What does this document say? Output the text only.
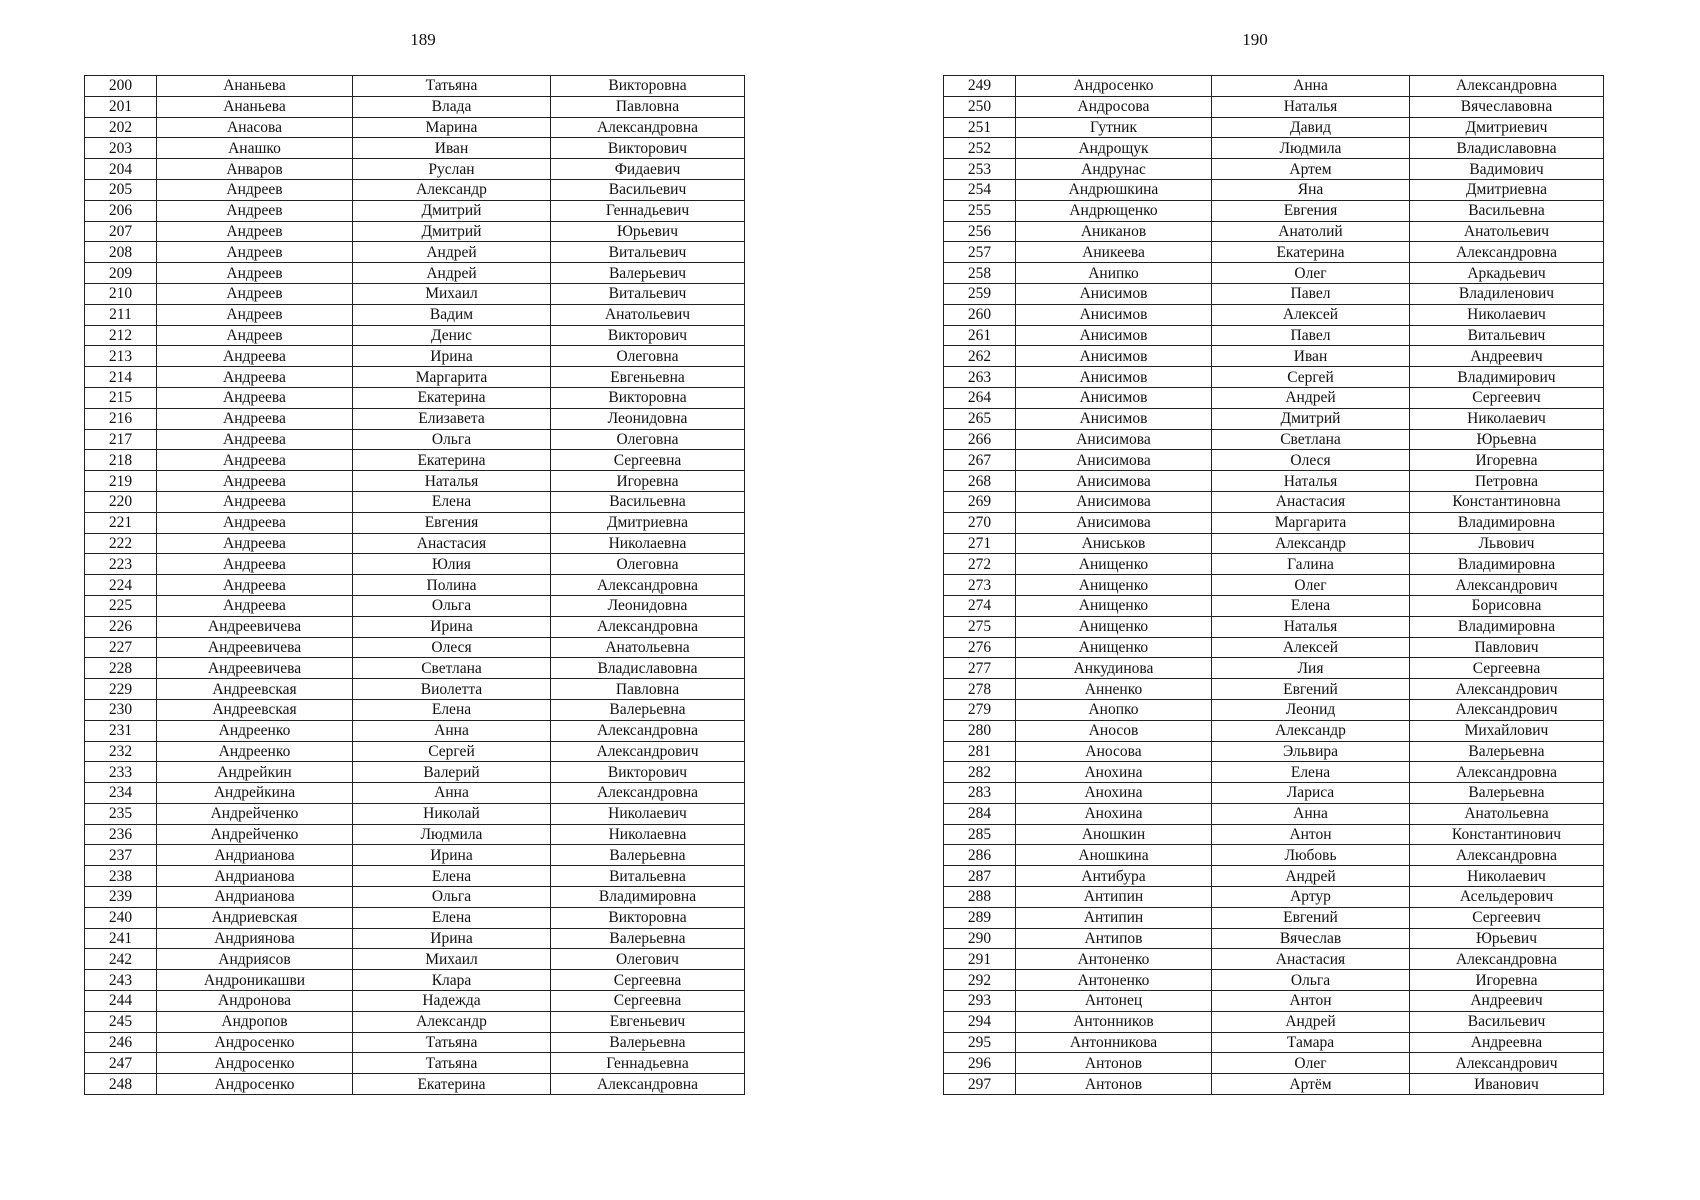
189
200	Ананьева	Татьяна	Викторовна
201	Ананьева	Влада	Павловна
202	Анасова	Марина	Александровна
203	Анашко	Иван	Викторович
204	Анваров	Руслан	Фидаевич
205	Андреев	Александр	Васильевич
206	Андреев	Дмитрий	Геннадьевич
207	Андреев	Дмитрий	Юрьевич
208	Андреев	Андрей	Витальевич
209	Андреев	Андрей	Валерьевич
210	Андреев	Михаил	Витальевич
211	Андреев	Вадим	Анатольевич
212	Андреев	Денис	Викторович
213	Андреева	Ирина	Олеговна
214	Андреева	Маргарита	Евгеньевна
215	Андреева	Екатерина	Викторовна
216	Андреева	Елизавета	Леонидовна
217	Андреева	Ольга	Олеговна
218	Андреева	Екатерина	Сергеевна
219	Андреева	Наталья	Игоревна
220	Андреева	Елена	Васильевна
221	Андреева	Евгения	Дмитриевна
222	Андреева	Анастасия	Николаевна
223	Андреева	Юлия	Олеговна
224	Андреева	Полина	Александровна
225	Андреева	Ольга	Леонидовна
226	Андреевичева	Ирина	Александровна
227	Андреевичева	Олеся	Анатольевна
228	Андреевичева	Светлана	Владиславовна
229	Андреевская	Виолетта	Павловна
230	Андреевская	Елена	Валерьевна
231	Андреенко	Анна	Александровна
232	Андреенко	Сергей	Александрович
233	Андрейкин	Валерий	Викторович
234	Андрейкина	Анна	Александровна
235	Андрейченко	Николай	Николаевич
236	Андрейченко	Людмила	Николаевна
237	Андрианова	Ирина	Валерьевна
238	Андрианова	Елена	Витальевна
239	Андрианова	Ольга	Владимировна
240	Андриевская	Елена	Викторовна
241	Андриянова	Ирина	Валерьевна
242	Андриясов	Михаил	Олегович
243	Андроникашви	Клара	Сергеевна
244	Андронова	Надежда	Сергеевна
245	Андропов	Александр	Евгеньевич
246	Андросенко	Татьяна	Валерьевна
247	Андросенко	Татьяна	Геннадьевна
248	Андросенко	Екатерина	Александровна
190
249	Андросенко	Анна	Александровна
250	Андросова	Наталья	Вячеславовна
251	Гутник	Давид	Дмитриевич
252	Андрощук	Людмила	Владиславовна
253	Андрунас	Артем	Вадимович
254	Андрюшкина	Яна	Дмитриевна
255	Андрющенко	Евгения	Васильевна
256	Аниканов	Анатолий	Анатольевич
257	Аникеева	Екатерина	Александровна
258	Анипко	Олег	Аркадьевич
259	Анисимов	Павел	Владиленович
260	Анисимов	Алексей	Николаевич
261	Анисимов	Павел	Витальевич
262	Анисимов	Иван	Андреевич
263	Анисимов	Сергей	Владимирович
264	Анисимов	Андрей	Сергеевич
265	Анисимов	Дмитрий	Николаевич
266	Анисимова	Светлана	Юрьевна
267	Анисимова	Олеся	Игоревна
268	Анисимова	Наталья	Петровна
269	Анисимова	Анастасия	Константиновна
270	Анисимова	Маргарита	Владимировна
271	Аниськов	Александр	Львович
272	Анищенко	Галина	Владимировна
273	Анищенко	Олег	Александрович
274	Анищенко	Елена	Борисовна
275	Анищенко	Наталья	Владимировна
276	Анищенко	Алексей	Павлович
277	Анкудинова	Лия	Сергеевна
278	Анненко	Евгений	Александрович
279	Анопко	Леонид	Александрович
280	Аносов	Александр	Михайлович
281	Аносова	Эльвира	Валерьевна
282	Анохина	Елена	Александровна
283	Анохина	Лариса	Валерьевна
284	Анохина	Анна	Анатольевна
285	Аношкин	Антон	Константинович
286	Аношкина	Любовь	Александровна
287	Антибура	Андрей	Николаевич
288	Антипин	Артур	Асельдерович
289	Антипин	Евгений	Сергеевич
290	Антипов	Вячеслав	Юрьевич
291	Антоненко	Анастасия	Александровна
292	Антоненко	Ольга	Игоревна
293	Антонец	Антон	Андреевич
294	Антонников	Андрей	Васильевич
295	Антонникова	Тамара	Андреевна
296	Антонов	Олег	Александрович
297	Антонов	Артём	Иванович
